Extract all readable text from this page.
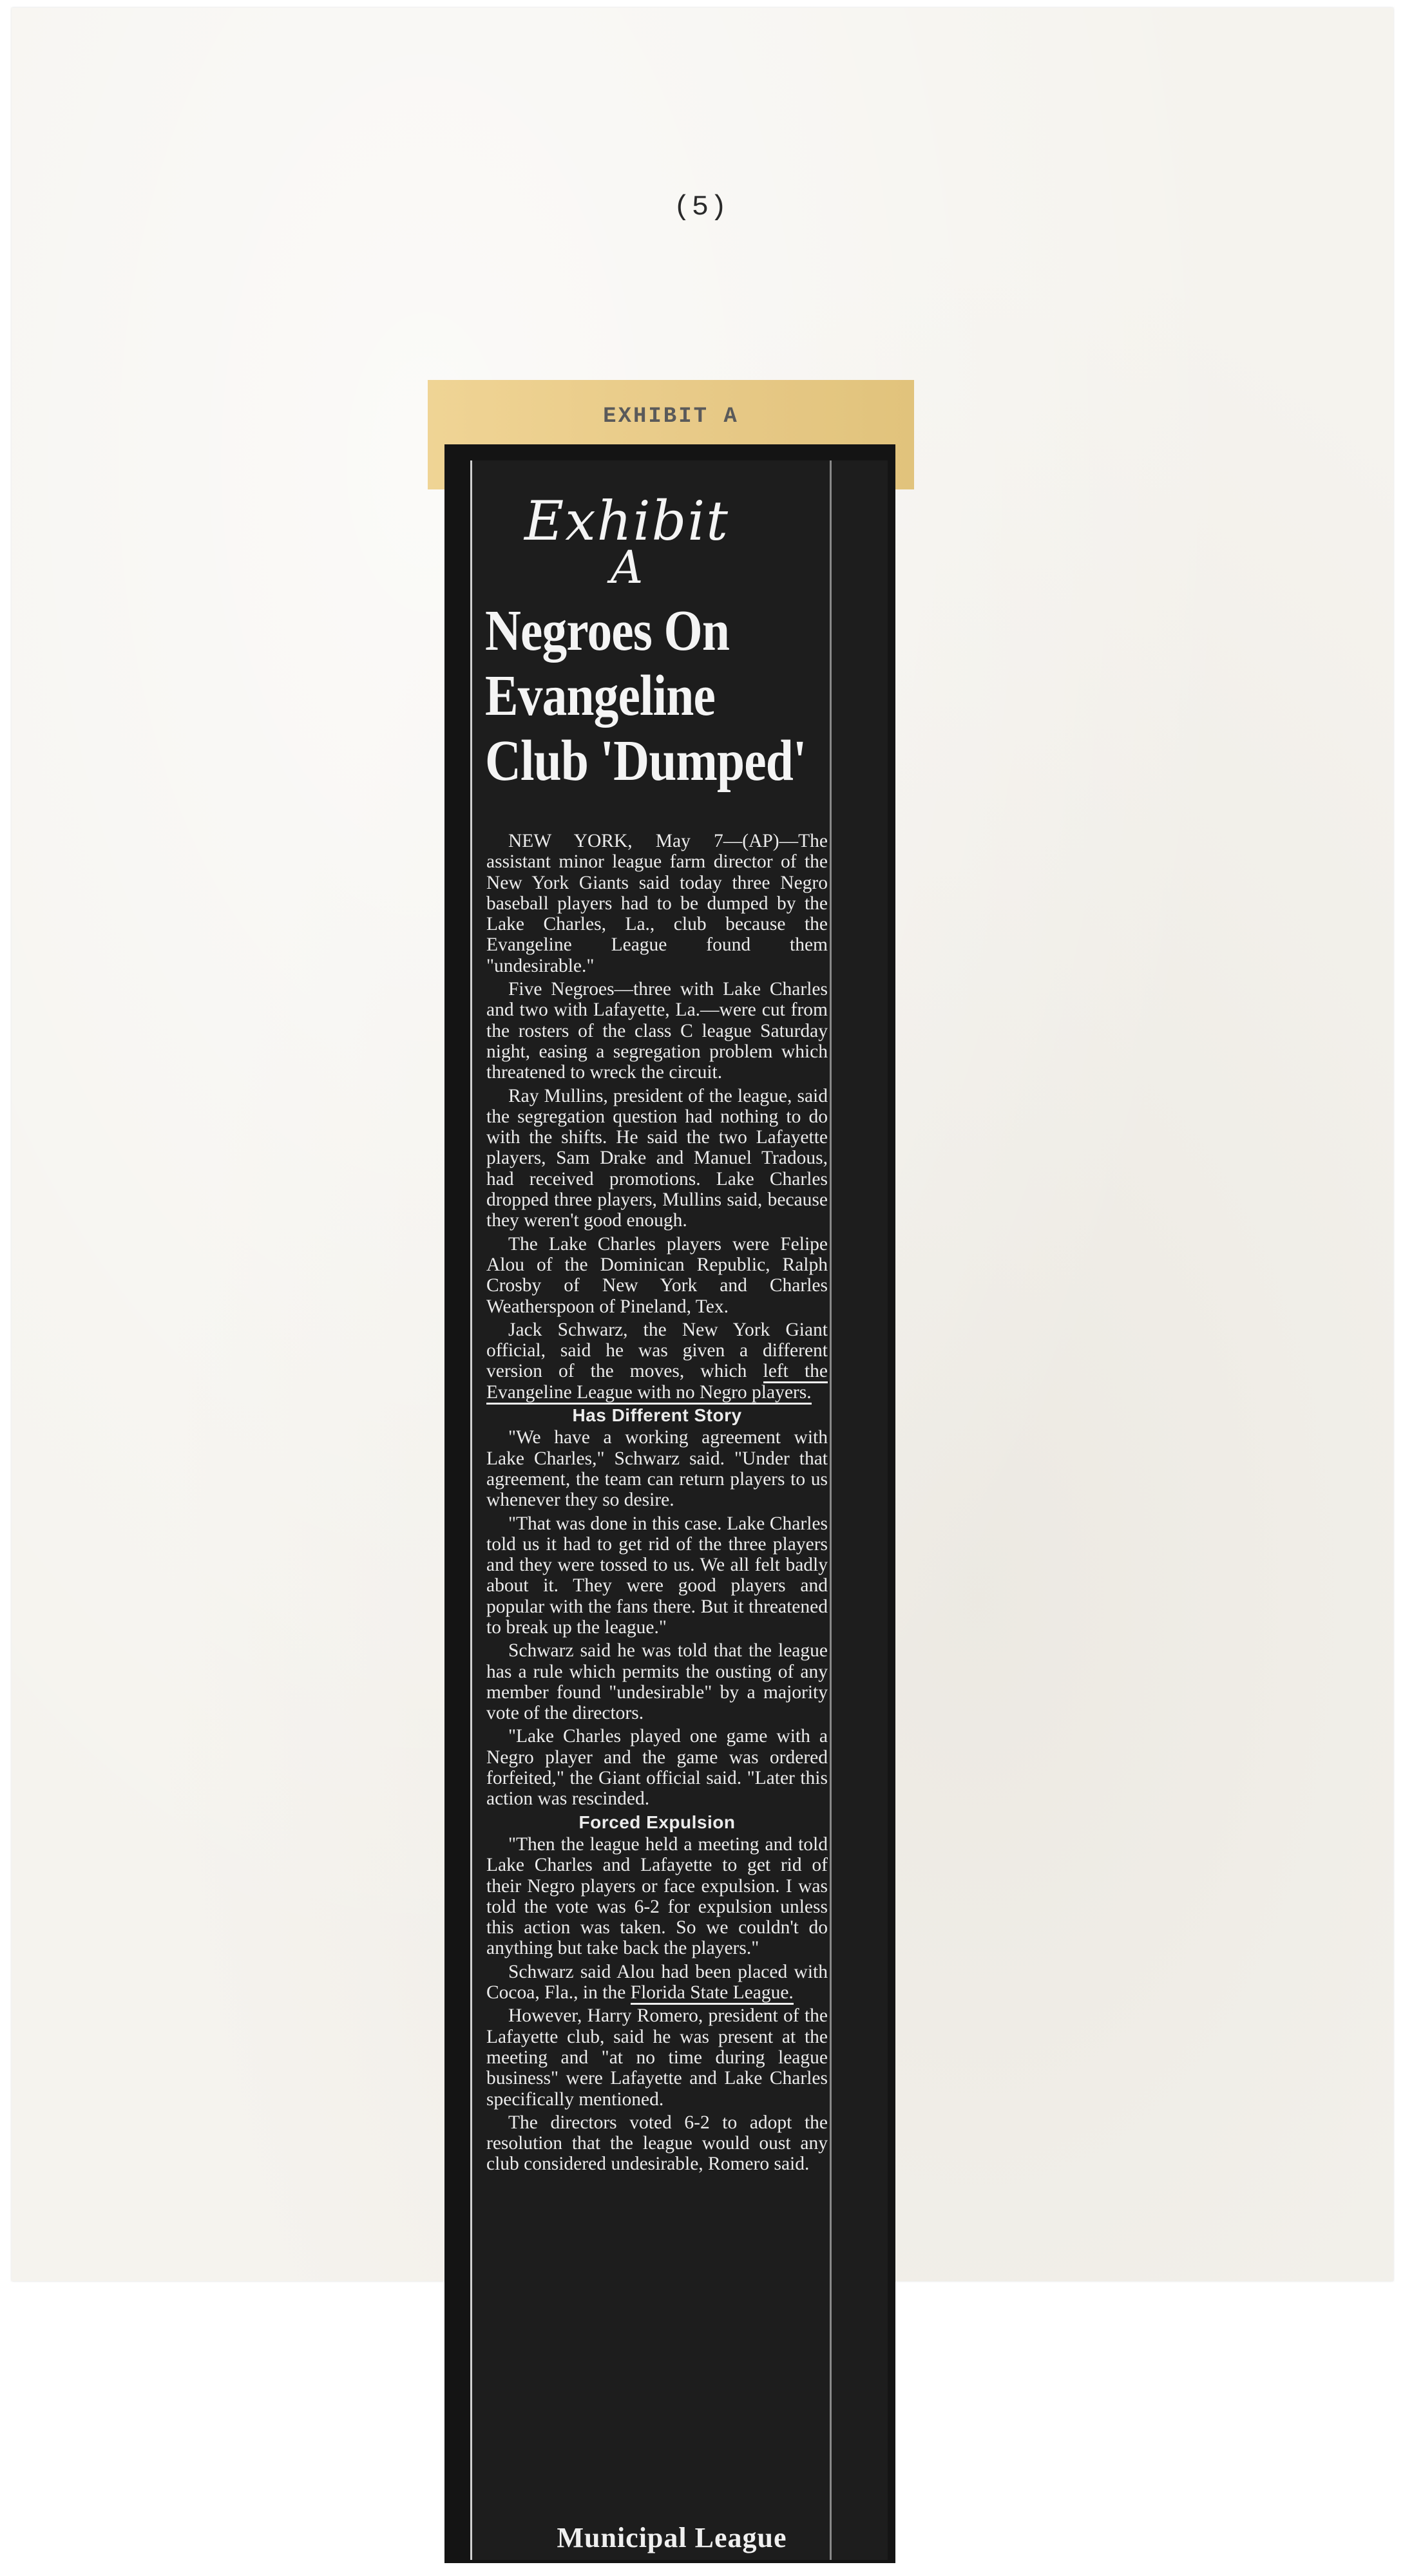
(5)
EXHIBIT A
Exhibit
A
Negroes On
Evangeline
Club 'Dumped'

NEW YORK, May 7—(AP)—The assistant minor league farm director of the New York Giants said today three Negro baseball players had to be dumped by the Lake Charles, La., club because the Evangeline League found them "undesirable."

Five Negroes—three with Lake Charles and two with Lafayette, La.—were cut from the rosters of the class C league Saturday night, easing a segregation problem which threatened to wreck the circuit.

Ray Mullins, president of the league, said the segregation question had nothing to do with the shifts. He said the two Lafayette players, Sam Drake and Manuel Tradous, had received promotions. Lake Charles dropped three players, Mullins said, because they weren't good enough.

The Lake Charles players were Felipe Alou of the Dominican Republic, Ralph Crosby of New York and Charles Weatherspoon of Pineland, Tex.

Jack Schwarz, the New York Giant official, said he was given a different version of the moves, which left the Evangeline League with no Negro players.

Has Different Story

"We have a working agreement with Lake Charles," Schwarz said. "Under that agreement, the team can return players to us whenever they so desire.

"That was done in this case. Lake Charles told us it had to get rid of the three players and they were tossed to us. We all felt badly about it. They were good players and popular with the fans there. But it threatened to break up the league."

Schwarz said he was told that the league has a rule which permits the ousting of any member found "undesirable" by a majority vote of the directors.

"Lake Charles played one game with a Negro player and the game was ordered forfeited," the Giant official said. "Later this action was rescinded.

Forced Expulsion

"Then the league held a meeting and told Lake Charles and Lafayette to get rid of their Negro players or face expulsion. I was told the vote was 6-2 for expulsion unless this action was taken. So we couldn't do anything but take back the players."

Schwarz said Alou had been placed with Cocoa, Fla., in the Florida State League.

However, Harry Romero, president of the Lafayette club, said he was present at the meeting and "at no time during league business" were Lafayette and Lake Charles specifically mentioned.

The directors voted 6-2 to adopt the resolution that the league would oust any club considered undesirable, Romero said.

Municipal League
